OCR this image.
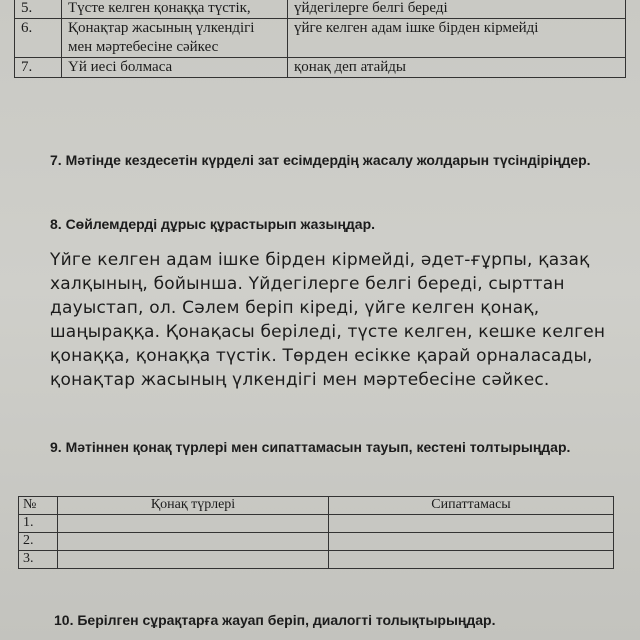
5.	Түсте келген қонаққа түстік,	үйдегілерге белгі береді
6.	Қонақтар жасының үлкендігі мен мәртебесіне сәйкес	үйге келген адам ішке бірден кірмейді
7.	Үй иесі болмаса	қонақ деп атайды
7. Мәтінде кездесетін күрделі зат есімдердің жасалу жолдарын түсіндіріңдер.
8. Сөйлемдерді дұрыс құрастырып жазыңдар.
Үйге келген адам ішке бірден кірмейді, әдет-ғұрпы, қазақ халқының, бойынша. Үйдегілерге белгі береді, сырттан дауыстап, ол. Сәлем беріп кіреді, үйге келген қонақ, шаңыраққа. Қонақасы беріледі, түсте келген, кешке келген қонаққа, қонаққа түстік. Төрден есікке қарай орналасады, қонақтар жасының үлкендігі мен мәртебесіне сәйкес.
9. Мәтіннен қонақ түрлері мен сипаттамасын тауып, кестені толтырыңдар.
№	Қонақ түрлері	Сипаттамасы
1.		
2.		
3.		
10. Берілген сұрақтарға жауап беріп, диалогті толықтырыңдар.
